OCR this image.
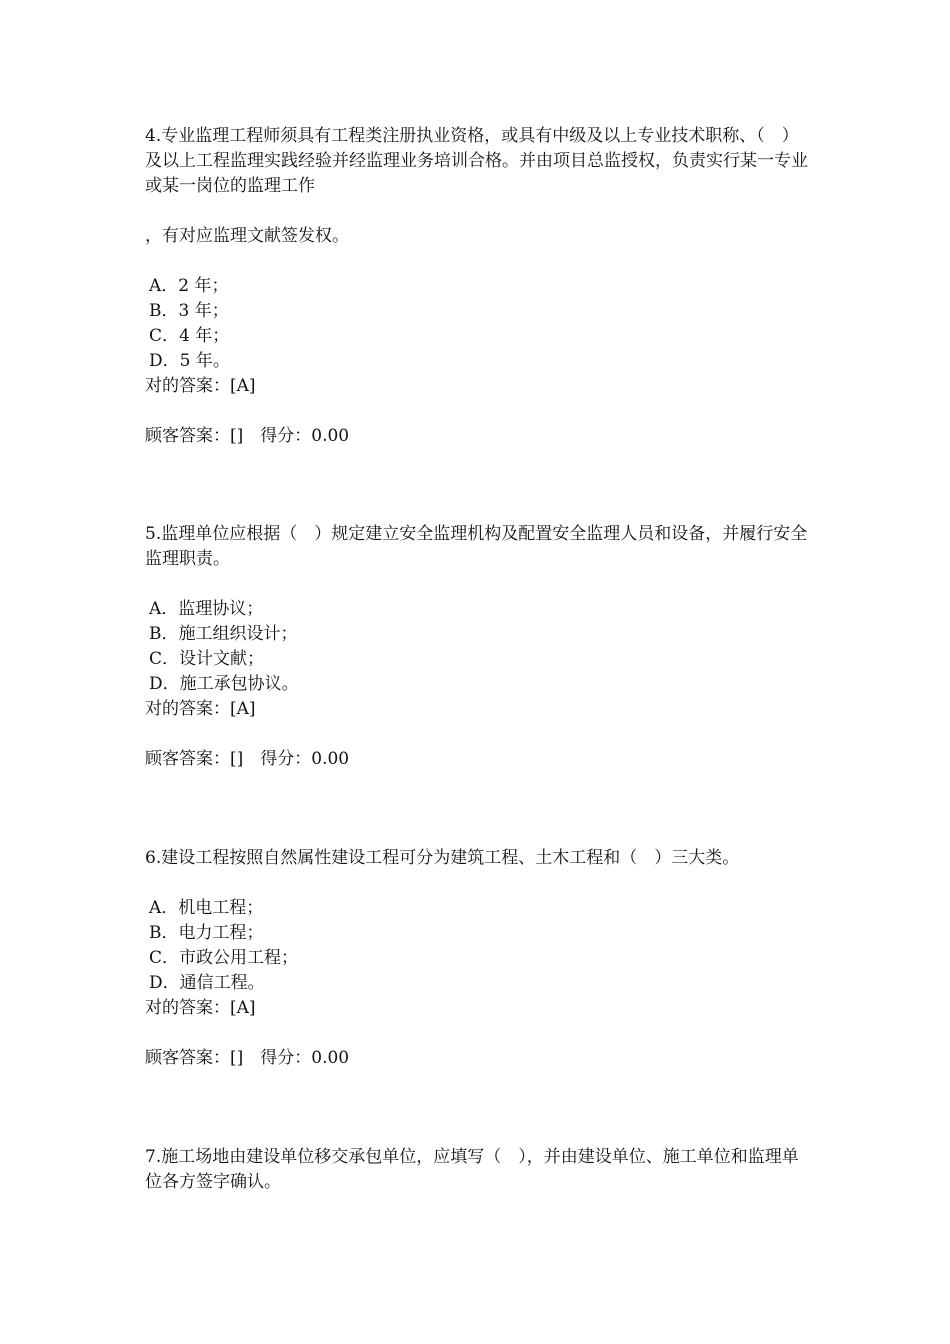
4.专业监理工程师须具有工程类注册执业资格，或具有中级及以上专业技术职称、（　）及以上工程监理实践经验并经监理业务培训合格。并由项目总监授权，负责实行某一专业或某一岗位的监理工作

，有对应监理文献签发权。

A．2 年；
B．3 年；
C．4 年；
D．5 年。

对的答案：[A]

顾客答案：[]　得分：0.00

5.监理单位应根据（　）规定建立安全监理机构及配置安全监理人员和设备，并履行安全监理职责。

A．监理协议；
B．施工组织设计；
C．设计文献；
D．施工承包协议。

对的答案：[A]

顾客答案：[]　得分：0.00

6.建设工程按照自然属性建设工程可分为建筑工程、土木工程和（　）三大类。

A．机电工程；
B．电力工程；
C．市政公用工程；
D．通信工程。

对的答案：[A]

顾客答案：[]　得分：0.00

7.施工场地由建设单位移交承包单位，应填写（　），并由建设单位、施工单位和监理单位各方签字确认。
